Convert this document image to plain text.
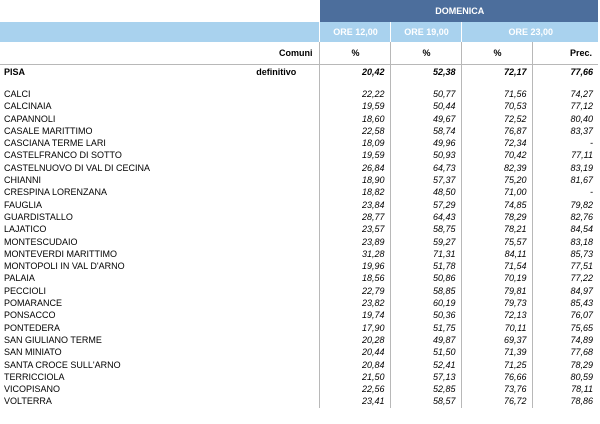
		DOMENICA			
		ORE 12,00	ORE 19,00	ORE 23,00	
	Comuni	%	%	%	Prec.
PISA	definitivo	20,42	52,38	72,17	77,66

CALCI		22,22	50,77	71,56	74,27
CALCINAIA		19,59	50,44	70,53	77,12
CAPANNOLI		18,60	49,67	72,52	80,40
CASALE MARITTIMO		22,58	58,74	76,87	83,37
CASCIANA TERME LARI		18,09	49,96	72,34	-
CASTELFRANCO DI SOTTO		19,59	50,93	70,42	77,11
CASTELNUOVO DI VAL DI CECINA		26,84	64,73	82,39	83,19
CHIANNI		18,90	57,37	75,20	81,67
CRESPINA LORENZANA		18,82	48,50	71,00	-
FAUGLIA		23,84	57,29	74,85	79,82
GUARDISTALLO		28,77	64,43	78,29	82,76
LAJATICO		23,57	58,75	78,21	84,54
MONTESCUDAIO		23,89	59,27	75,57	83,18
MONTEVERDI MARITTIMO		31,28	71,31	84,11	85,73
MONTOPOLI IN VAL D'ARNO		19,96	51,78	71,54	77,51
PALAIA		18,56	50,86	70,19	77,22
PECCIOLI		22,79	58,85	79,81	84,97
POMARANCE		23,82	60,19	79,73	85,43
PONSACCO		19,74	50,36	72,13	76,07
PONTEDERA		17,90	51,75	70,11	75,65
SAN GIULIANO TERME		20,28	49,87	69,37	74,89
SAN MINIATO		20,44	51,50	71,39	77,68
SANTA CROCE SULL'ARNO		20,84	52,41	71,25	78,29
TERRICCIOLA		21,50	57,13	76,66	80,59
VICOPISANO		22,56	52,85	73,76	78,11
VOLTERRA		23,41	58,57	76,72	78,86
